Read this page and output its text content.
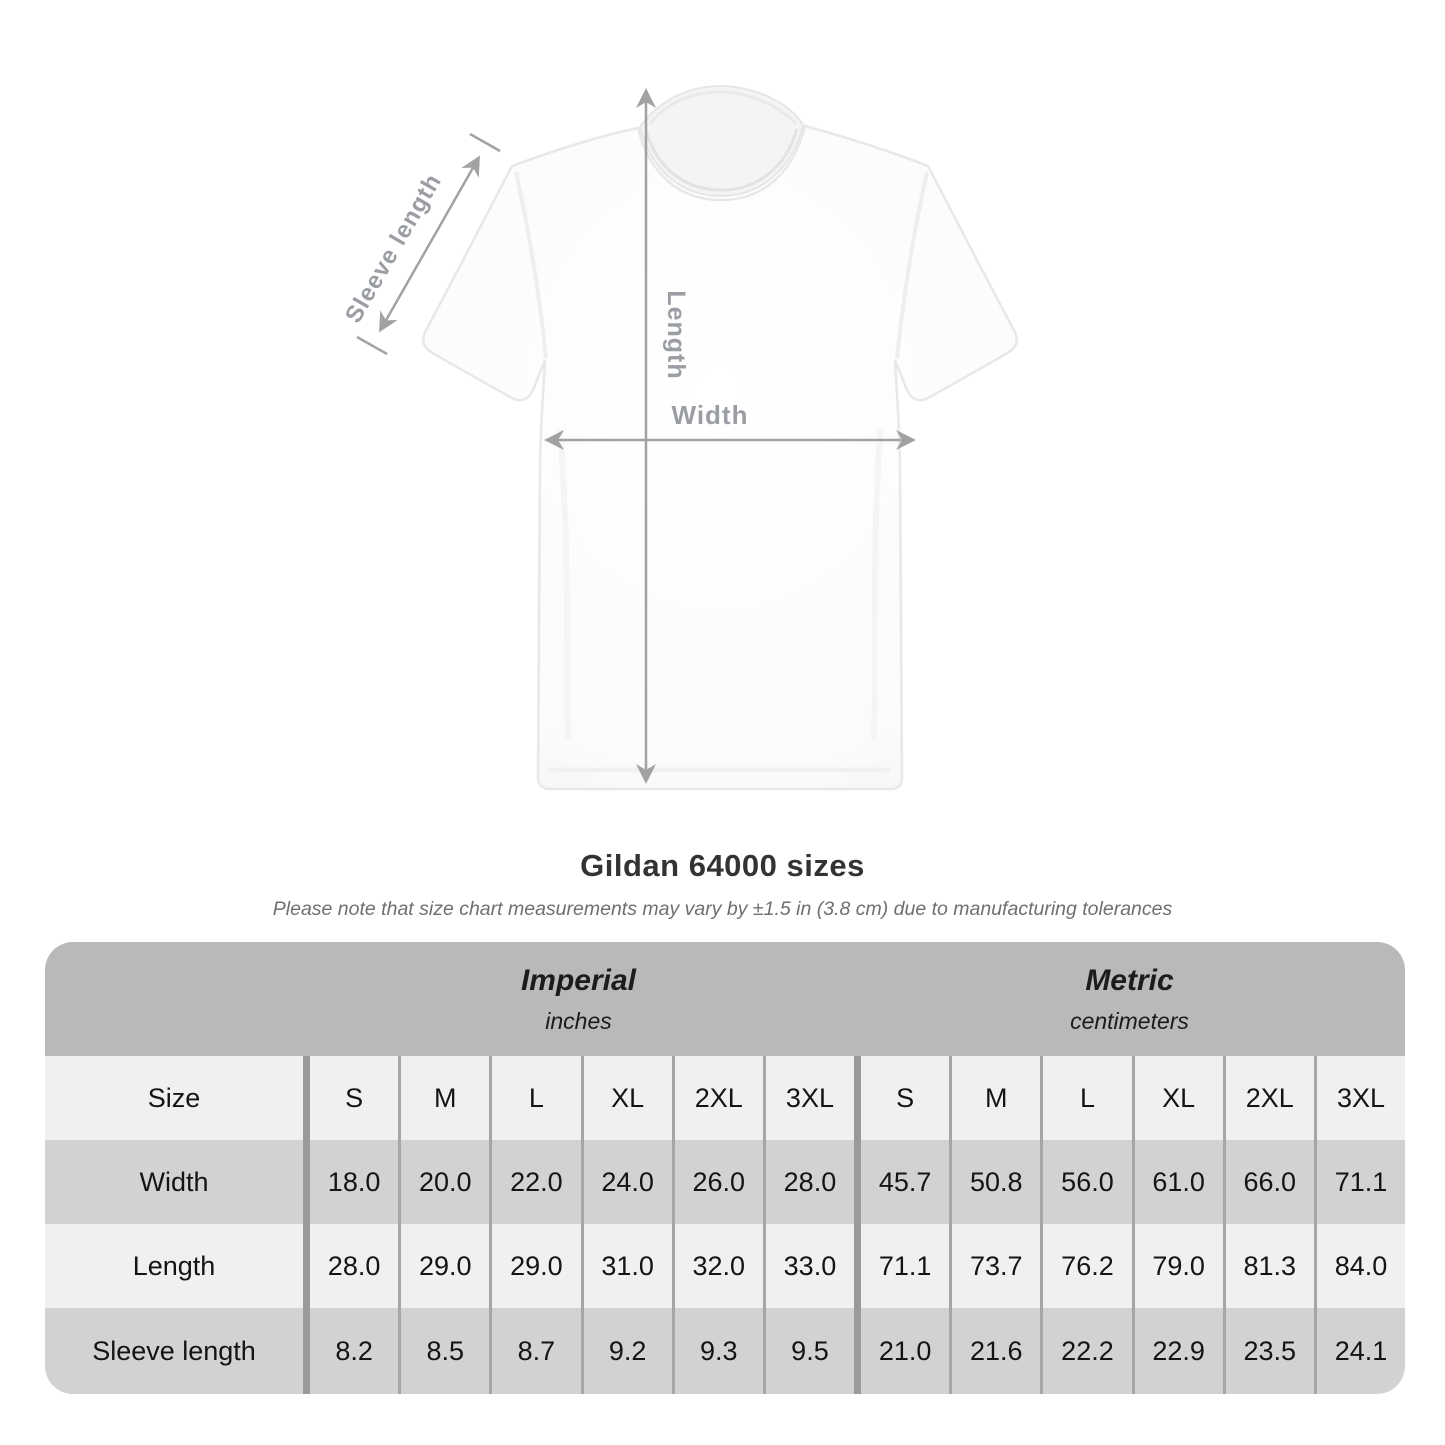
Sleeve length
Length
Width
Gildan 64000 sizes
Please note that size chart measurements may vary by ±1.5 in (3.8 cm) due to manufacturing tolerances
Imperial
inches
Metric
centimeters
Size	S	M	L	XL	2XL	3XL	S	M	L	XL	2XL	3XL
Width	18.0	20.0	22.0	24.0	26.0	28.0	45.7	50.8	56.0	61.0	66.0	71.1
Length	28.0	29.0	29.0	31.0	32.0	33.0	71.1	73.7	76.2	79.0	81.3	84.0
Sleeve length	8.2	8.5	8.7	9.2	9.3	9.5	21.0	21.6	22.2	22.9	23.5	24.1
